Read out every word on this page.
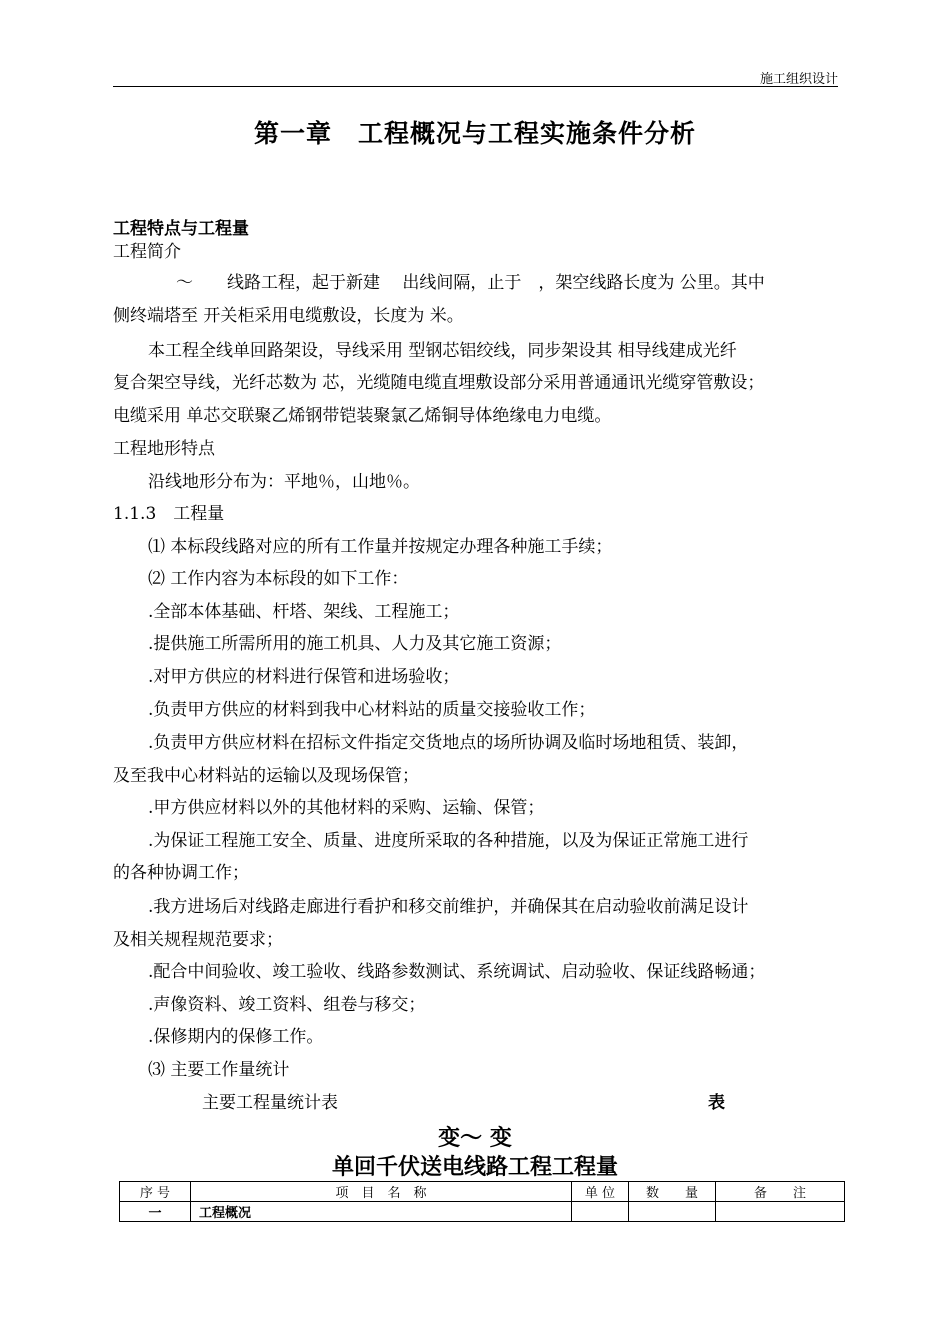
施工组织设计
第一章　工程概况与工程实施条件分析
工程特点与工程量
工程简介
～　　线路工程，起于新建　 出线间隔，止于　，架空线路长度为 公里。其中
侧终端塔至 开关柜采用电缆敷设，长度为 米。
本工程全线单回路架设，导线采用 型钢芯铝绞线，同步架设其 相导线建成光纤
复合架空导线，光纤芯数为 芯，光缆随电缆直埋敷设部分采用普通通讯光缆穿管敷设；
电缆采用 单芯交联聚乙烯钢带铠装聚氯乙烯铜导体绝缘电力电缆。
工程地形特点
沿线地形分布为：平地％，山地％。
1.1.3　工程量
⑴ 本标段线路对应的所有工作量并按规定办理各种施工手续；
⑵ 工作内容为本标段的如下工作：
.全部本体基础、杆塔、架线、工程施工；
.提供施工所需所用的施工机具、人力及其它施工资源；
.对甲方供应的材料进行保管和进场验收；
.负责甲方供应的材料到我中心材料站的质量交接验收工作；
.负责甲方供应材料在招标文件指定交货地点的场所协调及临时场地租赁、装卸，
及至我中心材料站的运输以及现场保管；
.甲方供应材料以外的其他材料的采购、运输、保管；
.为保证工程施工安全、质量、进度所采取的各种措施，以及为保证正常施工进行
的各种协调工作；
.我方进场后对线路走廊进行看护和移交前维护，并确保其在启动验收前满足设计
及相关规程规范要求；
.配合中间验收、竣工验收、线路参数测试、系统调试、启动验收、保证线路畅通；
.声像资料、竣工资料、组卷与移交；
.保修期内的保修工作。
⑶ 主要工作量统计
主要工程量统计表	表
变～ 变
单回千伏送电线路工程工程量
序 号	项　目　名　称	单 位	数　　量	备　　注
一	工程概况			
